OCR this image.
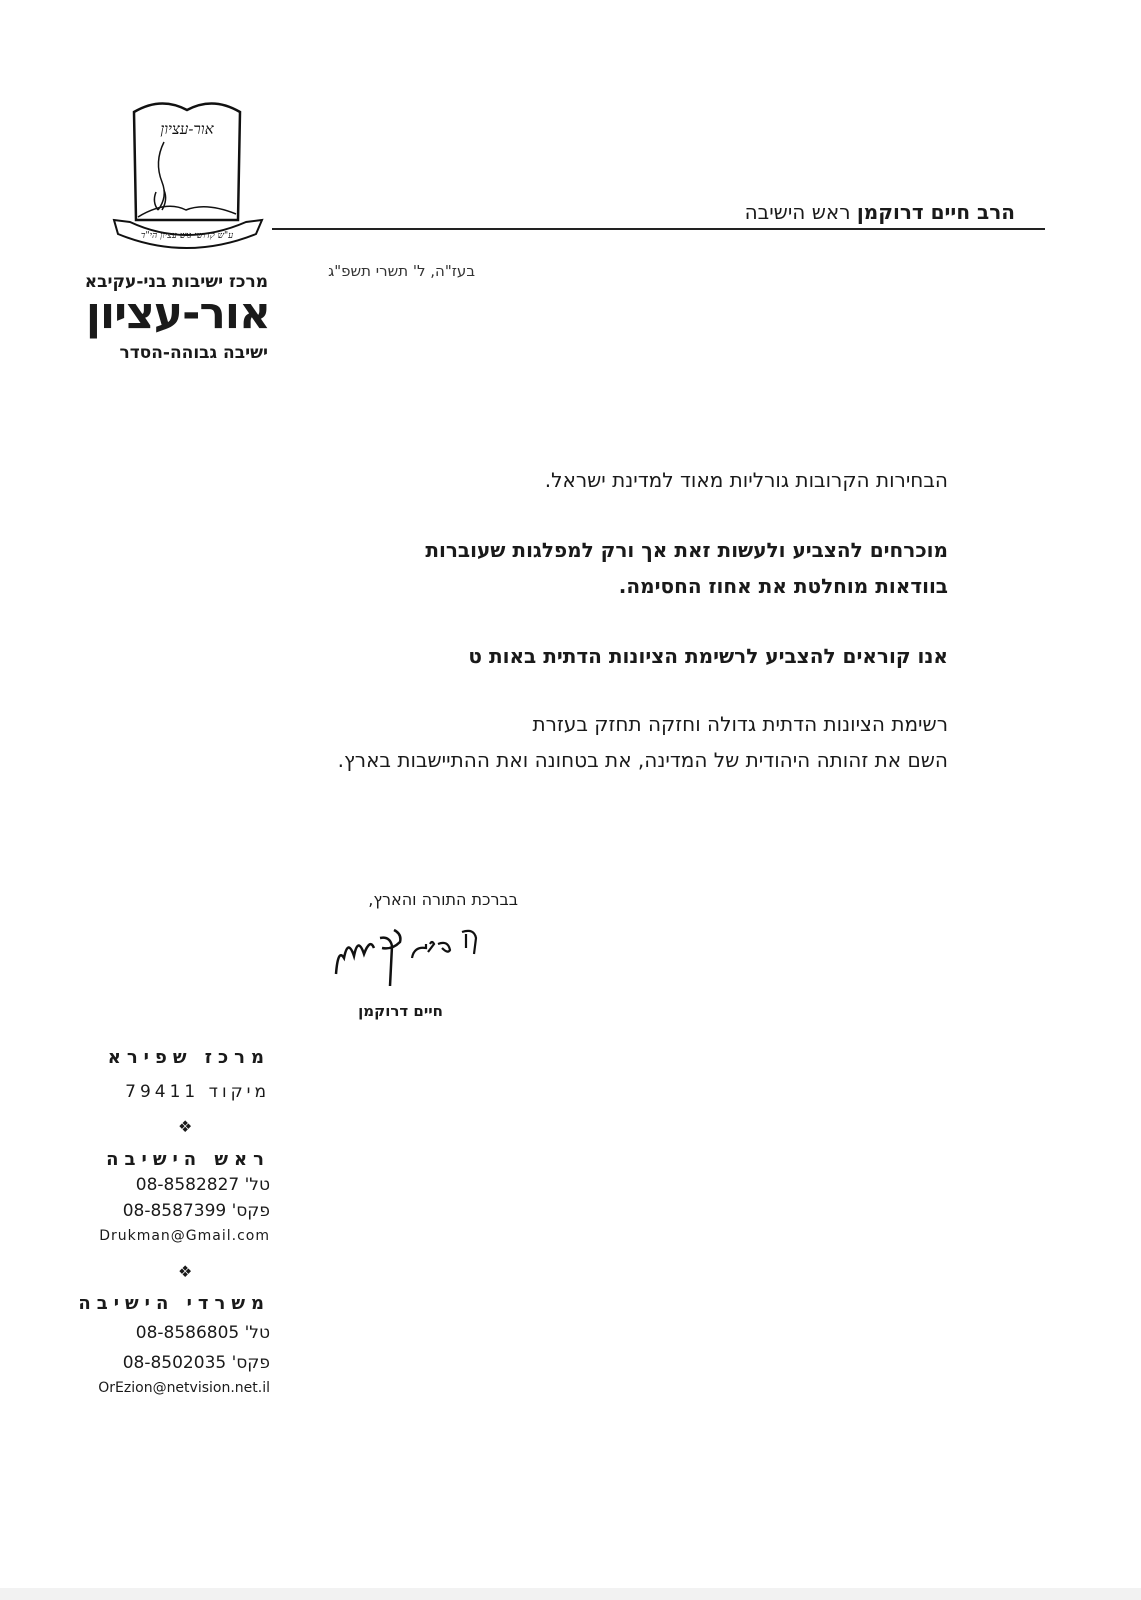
אור-עציון
ע"ש קדושי גוש עציון הי"ד
הרב חיים דרוקמן ראש הישיבה
בעז"ה, ל' תשרי תשפ"ג
מרכז ישיבות בני-עקיבא
אור-עציון
ישיבה גבוהה-הסדר
הבחירות הקרובות גורליות מאוד למדינת ישראל.
מוכרחים להצביע ולעשות זאת אך ורק למפלגות שעוברות
בוודאות מוחלטת את אחוז החסימה.
אנו קוראים להצביע לרשימת הציונות הדתית באות ט
רשימת הציונות הדתית גדולה וחזקה תחזק בעזרת
השם את זהותה היהודית של המדינה, את בטחונה ואת ההתיישבות בארץ.
בברכת התורה והארץ,
חיים דרוקמן
מרכז שפירא
מיקוד 79411
❖
ראש הישיבה
טל' 08-8582827
פקס' 08-8587399
Drukman@Gmail.com
❖
משרדי הישיבה
טל' 08-8586805
פקס' 08-8502035
OrEzion@netvision.net.il
